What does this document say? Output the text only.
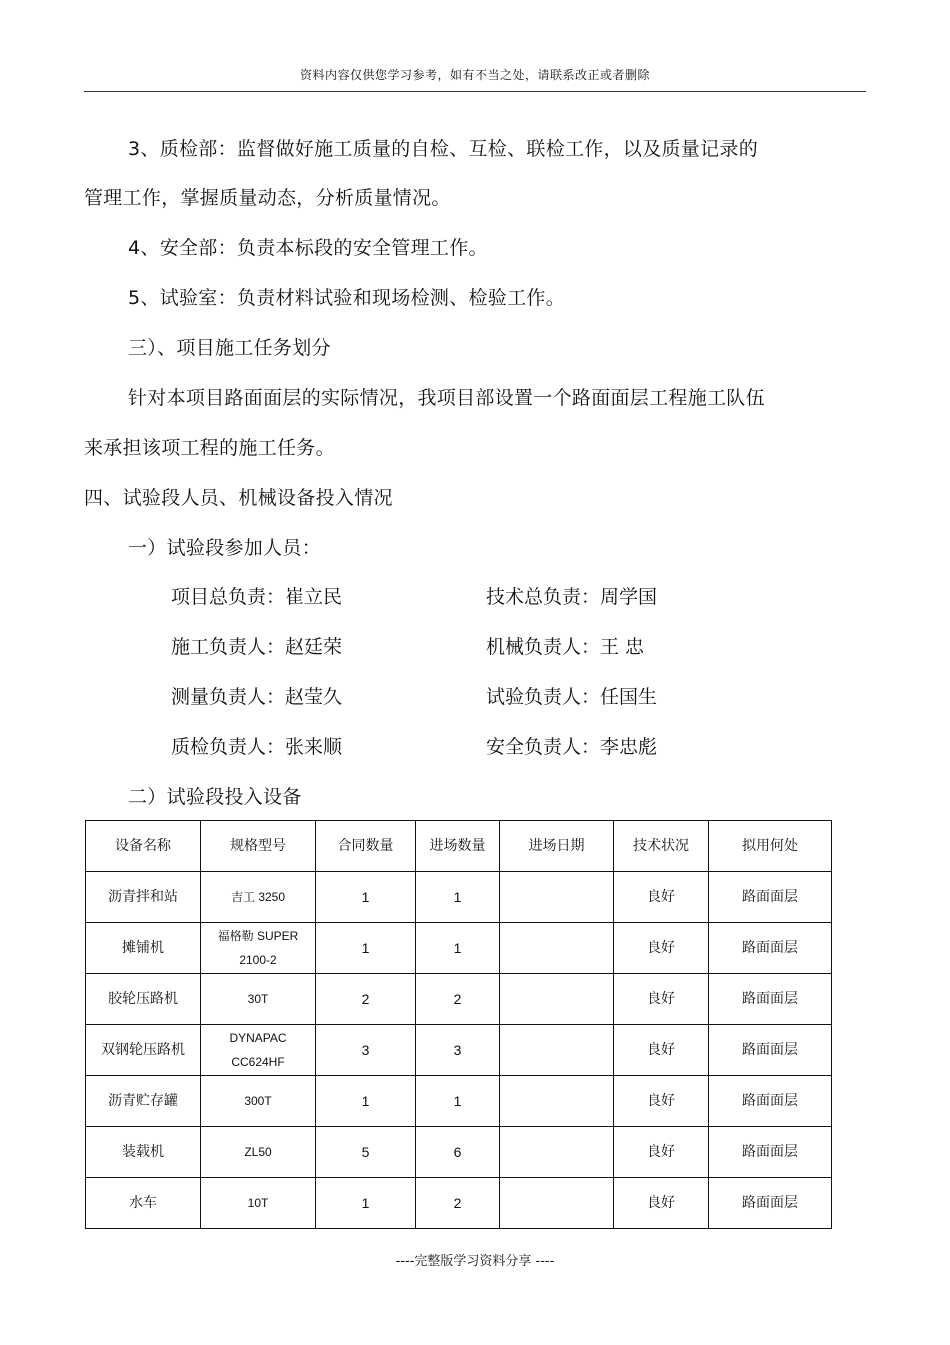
资料内容仅供您学习参考，如有不当之处，请联系改正或者删除
3、质检部：监督做好施工质量的自检、互检、联检工作，以及质量记录的
管理工作，掌握质量动态，分析质量情况。
4、安全部：负责本标段的安全管理工作。
5、试验室：负责材料试验和现场检测、检验工作。
三）、项目施工任务划分
针对本项目路面面层的实际情况，我项目部设置一个路面面层工程施工队伍
来承担该项工程的施工任务。
四、试验段人员、机械设备投入情况
一）试验段参加人员：
项目总负责：崔立民	技术总负责：周学国
施工负责人：赵廷荣	机械负责人：王 忠
测量负责人：赵莹久	试验负责人：任国生
质检负责人：张来顺	安全负责人：李忠彪
二）试验段投入设备
设备名称	规格型号	合同数量	进场数量	进场日期	技术状况	拟用何处
沥青拌和站	吉工 3250	1	1		良好	路面面层
摊铺机	福格勒 SUPER 2100-2	1	1		良好	路面面层
胶轮压路机	30T	2	2		良好	路面面层
双钢轮压路机	DYNAPAC CC624HF	3	3		良好	路面面层
沥青贮存罐	300T	1	1		良好	路面面层
装载机	ZL50	5	6		良好	路面面层
水车	10T	1	2		良好	路面面层
----完整版学习资料分享 ----
